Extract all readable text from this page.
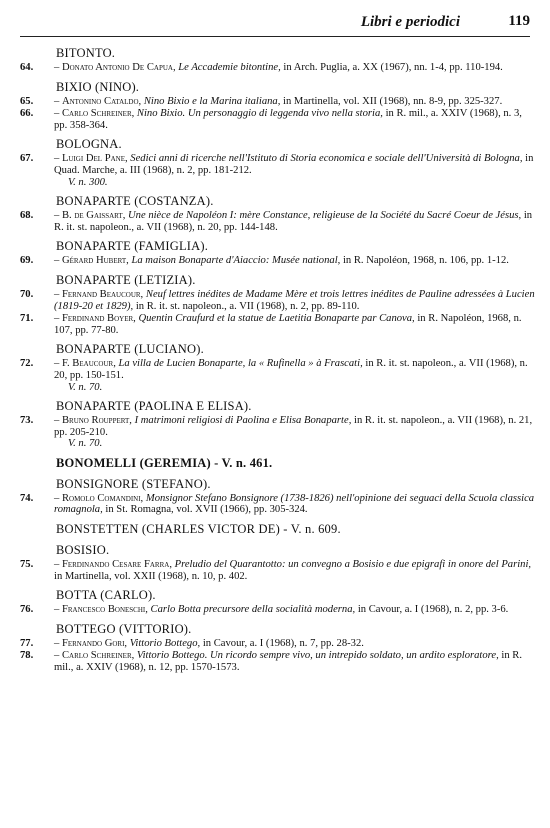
Libri e periodici	119
BITONTO.
64. – Donato Antonio De Capua, Le Accademie bitontine, in Arch. Puglia, a. XX (1967), nn. 1-4, pp. 110-194.
BIXIO (NINO).
65. – Antonino Cataldo, Nino Bixio e la Marina italiana, in Martinella, vol. XII (1968), nn. 8-9, pp. 325-327.
66. – Carlo Schreiner, Nino Bixio. Un personaggio di leggenda vivo nella storia, in R. mil., a. XXIV (1968), n. 3, pp. 358-364.
BOLOGNA.
67. – Luigi Del Pane, Sedici anni di ricerche nell'Istituto di Storia economica e sociale dell'Università di Bologna, in Quad. Marche, a. III (1968), n. 2, pp. 181-212.
V. n. 300.
BONAPARTE (COSTANZA).
68. – B. de Gaissart, Une nièce de Napoléon I: mère Constance, religieuse de la Société du Sacré Coeur de Jésus, in R. it. st. napoleon., a. VII (1968), n. 20, pp. 144-148.
BONAPARTE (FAMIGLIA).
69. – Gérard Hubert, La maison Bonaparte d'Aiaccio: Musée national, in R. Napoléon, 1968, n. 106, pp. 1-12.
BONAPARTE (LETIZIA).
70. – Fernand Beaucour, Neuf lettres inédites de Madame Mère et trois lettres inédites de Pauline adressées à Lucien (1819-20 et 1829), in R. it. st. napoleon., a. VII (1968), n. 2, pp. 89-110.
71. – Ferdinand Boyer, Quentin Craufurd et la statue de Laetitia Bonaparte par Canova, in R. Napoléon, 1968, n. 107, pp. 77-80.
BONAPARTE (LUCIANO).
72. – F. Beaucour, La villa de Lucien Bonaparte, la « Rufinella » à Frascati, in R. it. st. napoleon., a. VII (1968), n. 20, pp. 150-151.
V. n. 70.
BONAPARTE (PAOLINA E ELISA).
73. – Bruno Rouppert, I matrimoni religiosi di Paolina e Elisa Bonaparte, in R. it. st. napoleon., a. VII (1968), n. 21, pp. 205-210.
V. n. 70.
BONOMELLI (GEREMIA) - V. n. 461.
BONSIGNORE (STEFANO).
74. – Romolo Comandini, Monsignor Stefano Bonsignore (1738-1826) nell'opinione dei seguaci della Scuola classica romagnola, in St. Romagna, vol. XVII (1966), pp. 305-324.
BONSTETTEN (CHARLES VICTOR DE) - V. n. 609.
BOSISIO.
75. – Ferdinando Cesare Farra, Preludio del Quarantotto: un convegno a Bosisio e due epigrafi in onore del Parini, in Martinella, vol. XXII (1968), n. 10, p. 402.
BOTTA (CARLO).
76. – Francesco Boneschi, Carlo Botta precursore della socialità moderna, in Cavour, a. I (1968), n. 2, pp. 3-6.
BOTTEGO (VITTORIO).
77. – Fernando Gori, Vittorio Bottego, in Cavour, a. I (1968), n. 7, pp. 28-32.
78. – Carlo Schreiner, Vittorio Bottego. Un ricordo sempre vivo, un intrepido soldato, un ardito esploratore, in R. mil., a. XXIV (1968), n. 12, pp. 1570-1573.
